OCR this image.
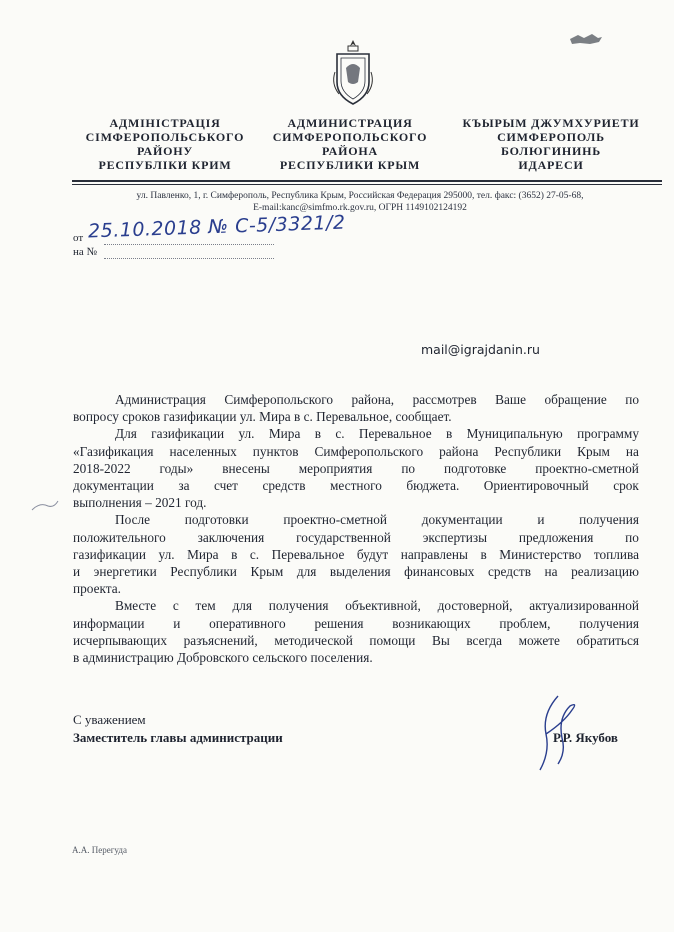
АДМІНІСТРАЦІЯ
СІМФЕРОПОЛЬСЬКОГО
РАЙОНУ
РЕСПУБЛІКИ КРИМ
АДМИНИСТРАЦИЯ
СИМФЕРОПОЛЬСКОГО
РАЙОНА
РЕСПУБЛИКИ КРЫМ
КЪЫРЫМ ДЖУМХУРИЕТИ
СИМФЕРОПОЛЬ
БОЛЮГИНИНЬ
ИДАРЕСИ
ул. Павленко, 1, г. Симферополь, Республика Крым, Российская Федерация 295000, тел. факс: (3652) 27-05-68,
E-mail:kanc@simfmo.rk.gov.ru, ОГРН 1149102124192
от
на №
25.10.2018 № С-5/3321/2
mail@igrajdanin.ru
Администрация Симферопольского района, рассмотрев Ваше обращение по
вопросу сроков газификации ул. Мира в с. Перевальное, сообщает.
Для газификации ул. Мира в с. Перевальное в Муниципальную программу
«Газификация населенных пунктов Симферопольского района Республики Крым на
2018-2022 годы» внесены мероприятия по подготовке проектно-сметной
документации за счет средств местного бюджета. Ориентировочный срок
выполнения – 2021 год.
После	подготовки	проектно-сметной	документации	и	получения
положительного заключения государственной экспертизы предложения по
газификации ул. Мира в с. Перевальное будут направлены в Министерство топлива
и энергетики Республики Крым для выделения финансовых средств на реализацию
проекта.
Вместе с тем для получения объективной, достоверной, актуализированной
информации и оперативного решения возникающих проблем, получения
исчерпывающих разъяснений, методической помощи Вы всегда можете обратиться
в администрацию Добровского сельского поселения.
С уважением
Заместитель главы администрации	Р.Р. Якубов
А.А. Перегуда
